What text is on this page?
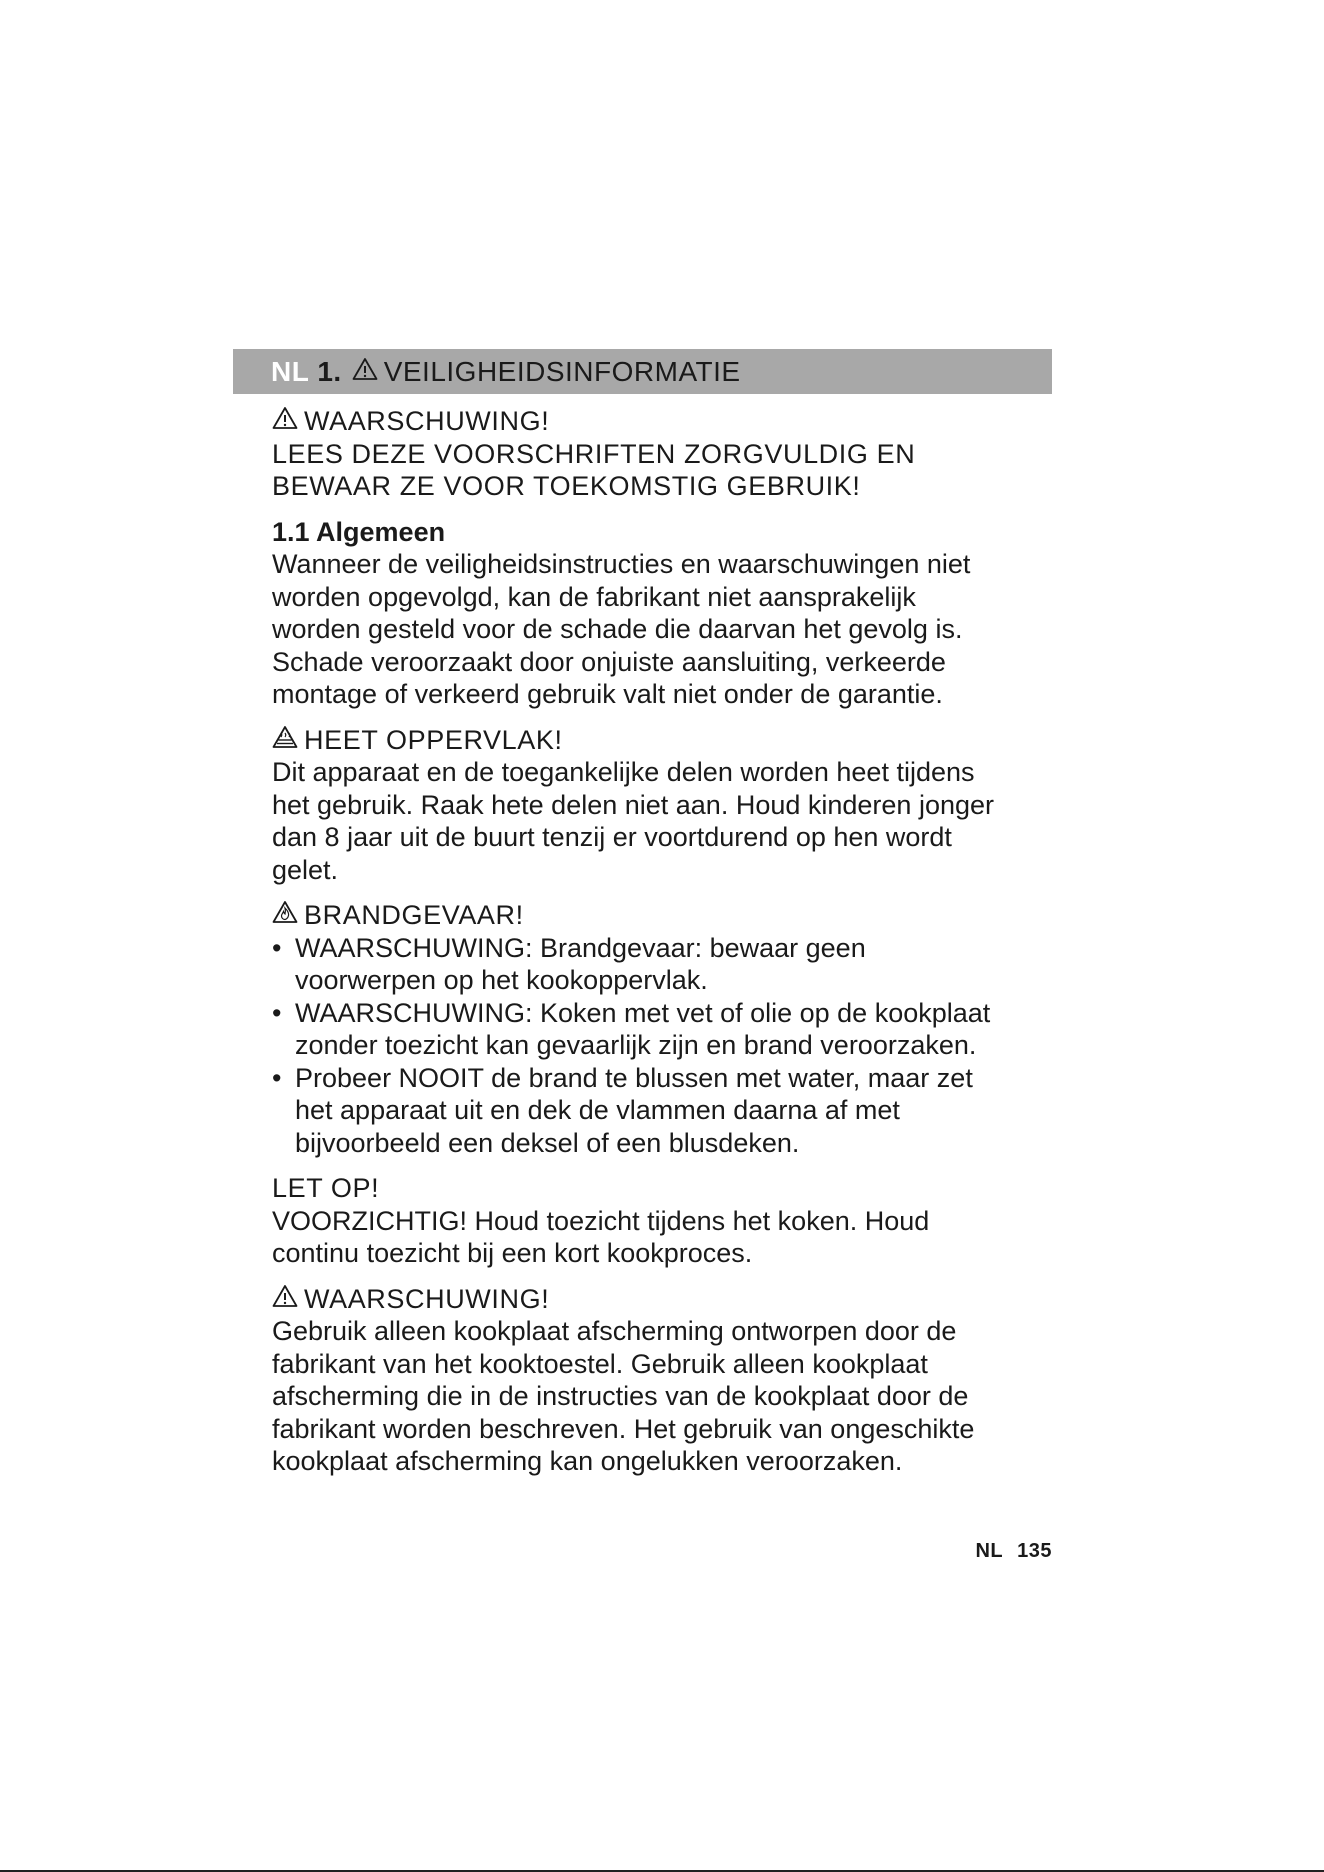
NL 1. VEILIGHEIDSINFORMATIE

WAARSCHUWING!

LEES DEZE VOORSCHRIFTEN ZORGVULDIG EN

BEWAAR ZE VOOR TOEKOMSTIG GEBRUIK!

1.1 Algemeen

Wanneer de veiligheidsinstructies en waarschuwingen niet

worden opgevolgd, kan de fabrikant niet aansprakelijk

worden gesteld voor de schade die daarvan het gevolg is.

Schade veroorzaakt door onjuiste aansluiting, verkeerde

montage of verkeerd gebruik valt niet onder de garantie.

HEET OPPERVLAK!

Dit apparaat en de toegankelijke delen worden heet tijdens

het gebruik. Raak hete delen niet aan. Houd kinderen jonger

dan 8 jaar uit de buurt tenzij er voortdurend op hen wordt

gelet.

BRANDGEVAAR!

• WAARSCHUWING: Brandgevaar: bewaar geen
voorwerpen op het kookoppervlak.
• WAARSCHUWING: Koken met vet of olie op de kookplaat
zonder toezicht kan gevaarlijk zijn en brand veroorzaken.
• Probeer NOOIT de brand te blussen met water, maar zet
het apparaat uit en dek de vlammen daarna af met
bijvoorbeeld een deksel of een blusdeken.

LET OP!

VOORZICHTIG! Houd toezicht tijdens het koken. Houd

continu toezicht bij een kort kookproces.

WAARSCHUWING!

Gebruik alleen kookplaat afscherming ontworpen door de

fabrikant van het kooktoestel. Gebruik alleen kookplaat

afscherming die in de instructies van de kookplaat door de

fabrikant worden beschreven. Het gebruik van ongeschikte

kookplaat afscherming kan ongelukken veroorzaken.

NL 135
